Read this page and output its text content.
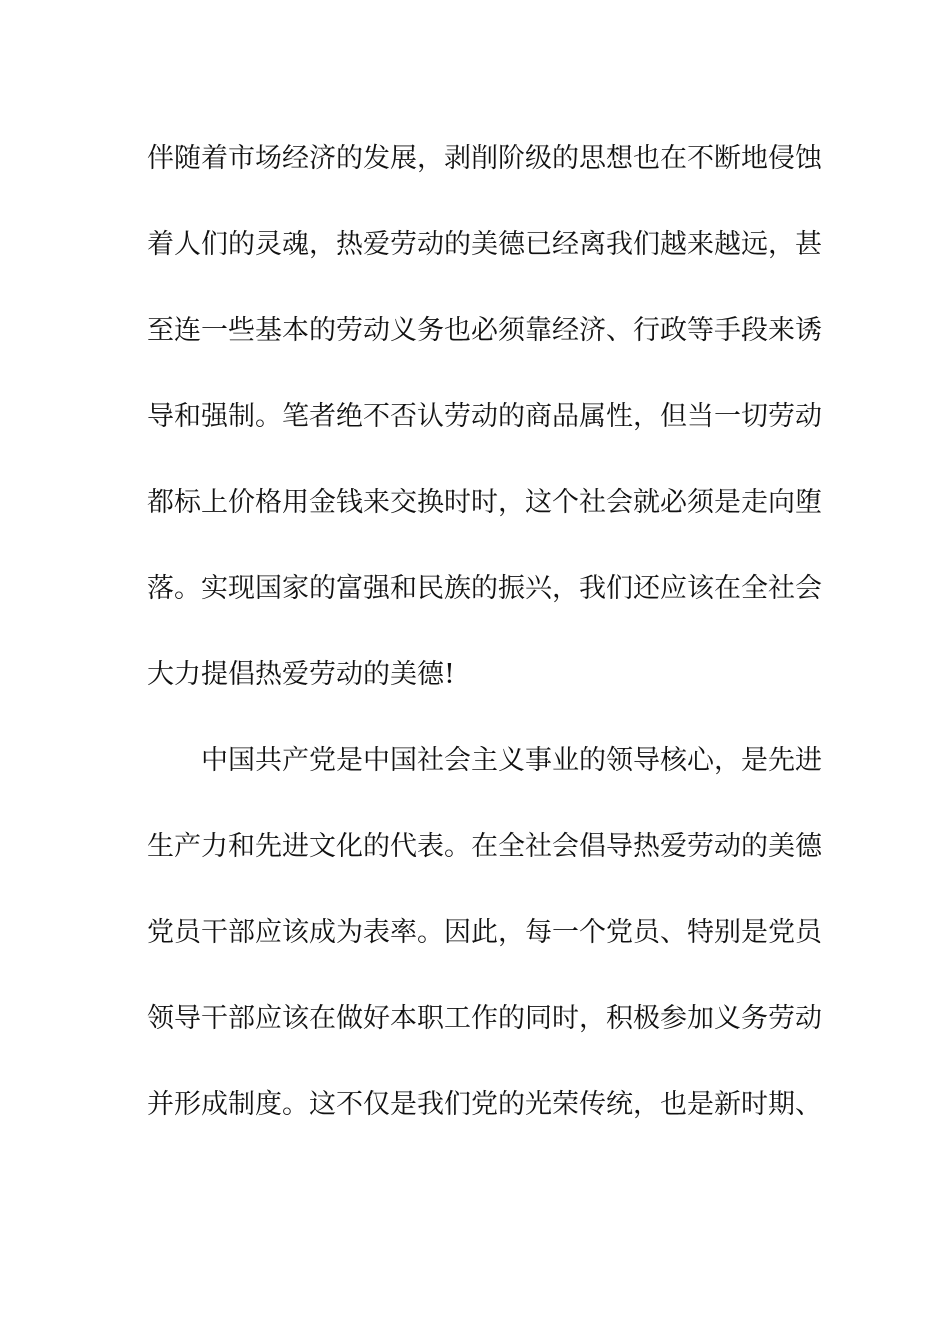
伴随着市场经济的发展，剥削阶级的思想也在不断地侵蚀
着人们的灵魂，热爱劳动的美德已经离我们越来越远，甚
至连一些基本的劳动义务也必须靠经济、行政等手段来诱
导和强制。笔者绝不否认劳动的商品属性，但当一切劳动
都标上价格用金钱来交换时时，这个社会就必须是走向堕
落。实现国家的富强和民族的振兴，我们还应该在全社会
大力提倡热爱劳动的美德!
中国共产党是中国社会主义事业的领导核心，是先进
生产力和先进文化的代表。在全社会倡导热爱劳动的美德
党员干部应该成为表率。因此，每一个党员、特别是党员
领导干部应该在做好本职工作的同时，积极参加义务劳动
并形成制度。这不仅是我们党的光荣传统，也是新时期、
